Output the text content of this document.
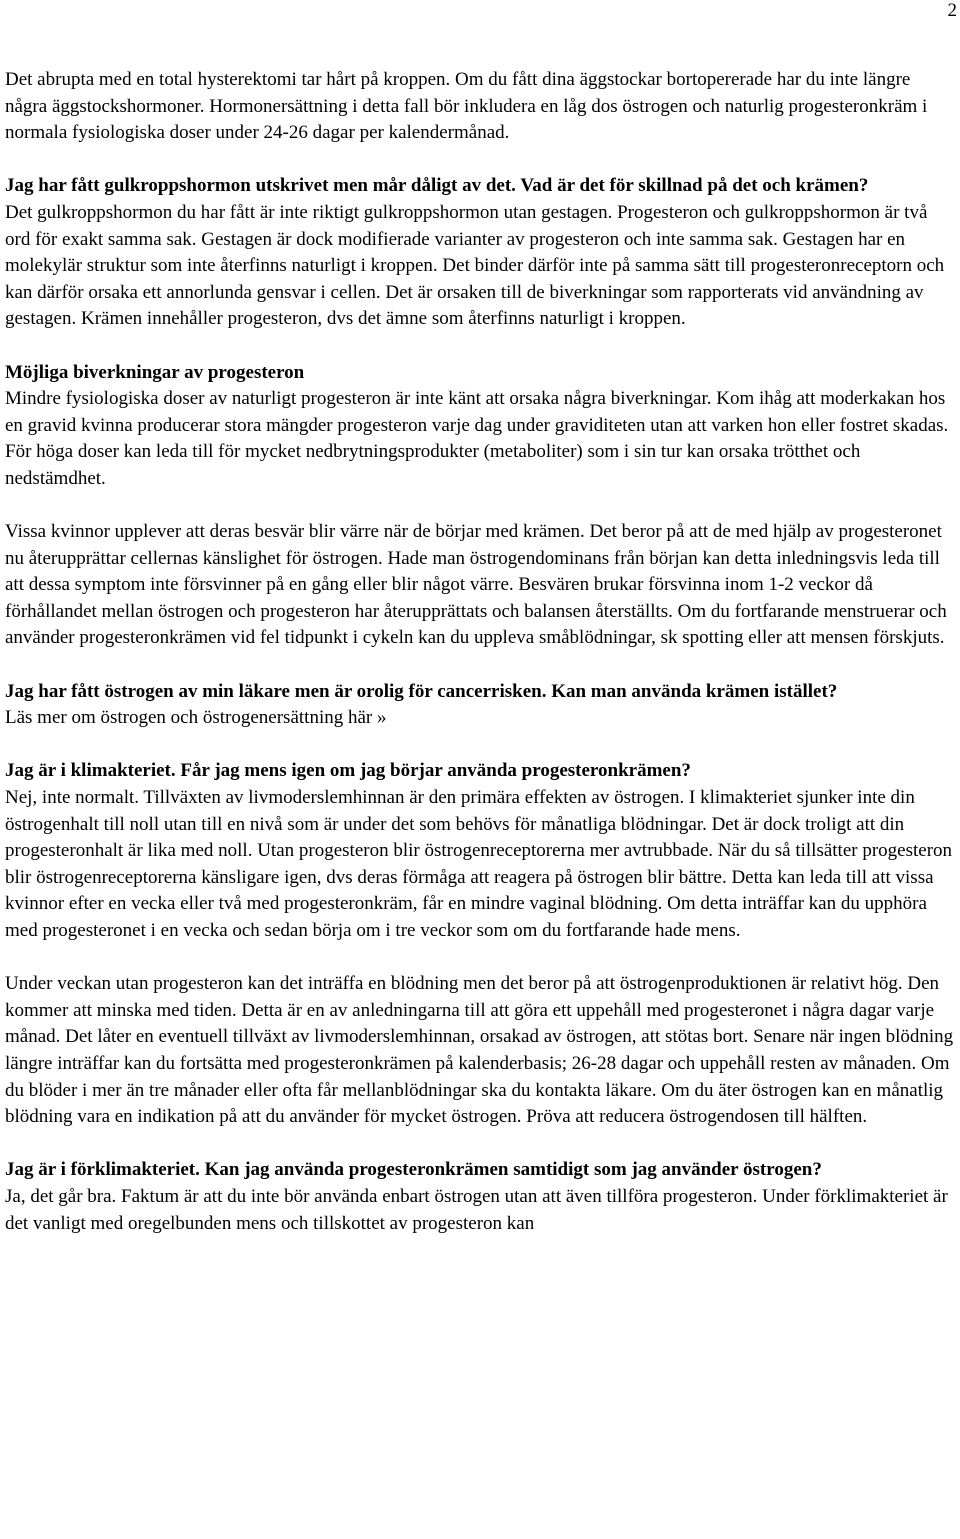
2
Det abrupta med en total hysterektomi tar hårt på kroppen. Om du fått dina äggstockar bortopererade har du inte längre några äggstockshormoner. Hormonersättning i detta fall bör inkludera en låg dos östrogen och naturlig progesteronkräm i normala fysiologiska doser under 24-26 dagar per kalendermånad.
Jag har fått gulkroppshormon utskrivet men mår dåligt av det. Vad är det för skillnad på det och krämen?
Det gulkroppshormon du har fått är inte riktigt gulkroppshormon utan gestagen. Progesteron och gulkroppshormon är två ord för exakt samma sak. Gestagen är dock modifierade varianter av progesteron och inte samma sak. Gestagen har en molekylär struktur som inte återfinns naturligt i kroppen. Det binder därför inte på samma sätt till progesteronreceptorn och kan därför orsaka ett annorlunda gensvar i cellen. Det är orsaken till de biverkningar som rapporterats vid användning av gestagen. Krämen innehåller progesteron, dvs det ämne som återfinns naturligt i kroppen.
Möjliga biverkningar av progesteron
Mindre fysiologiska doser av naturligt progesteron är inte känt att orsaka några biverkningar. Kom ihåg att moderkakan hos en gravid kvinna producerar stora mängder progesteron varje dag under graviditeten utan att varken hon eller fostret skadas. För höga doser kan leda till för mycket nedbrytningsprodukter (metaboliter) som i sin tur kan orsaka trötthet och nedstämdhet.
Vissa kvinnor upplever att deras besvär blir värre när de börjar med krämen. Det beror på att de med hjälp av progesteronet nu återupprättar cellernas känslighet för östrogen. Hade man östrogendominans från början kan detta inledningsvis leda till att dessa symptom inte försvinner på en gång eller blir något värre. Besvären brukar försvinna inom 1-2 veckor då förhållandet mellan östrogen och progesteron har återupprättats och balansen återställts. Om du fortfarande menstruerar och använder progesteronkrämen vid fel tidpunkt i cykeln kan du uppleva småblödningar, sk spotting eller att mensen förskjuts.
Jag har fått östrogen av min läkare men är orolig för cancerrisken. Kan man använda krämen istället?
Läs mer om östrogen och östrogenersättning här »
Jag är i klimakteriet. Får jag mens igen om jag börjar använda progesteronkrämen?
Nej, inte normalt. Tillväxten av livmoderslemhinnan är den primära effekten av östrogen. I klimakteriet sjunker inte din östrogenhalt till noll utan till en nivå som är under det som behövs för månatliga blödningar. Det är dock troligt att din progesteronhalt är lika med noll. Utan progesteron blir östrogenreceptorerna mer avtrubbade. När du så tillsätter progesteron blir östrogenreceptorerna känsligare igen, dvs deras förmåga att reagera på östrogen blir bättre. Detta kan leda till att vissa kvinnor efter en vecka eller två med progesteronkräm, får en mindre vaginal blödning. Om detta inträffar kan du upphöra med progesteronet i en vecka och sedan börja om i tre veckor som om du fortfarande hade mens.
Under veckan utan progesteron kan det inträffa en blödning men det beror på att östrogenproduktionen är relativt hög. Den kommer att minska med tiden. Detta är en av anledningarna till att göra ett uppehåll med progesteronet i några dagar varje månad. Det låter en eventuell tillväxt av livmoderslemhinnan, orsakad av östrogen, att stötas bort. Senare när ingen blödning längre inträffar kan du fortsätta med progesteronkrämen på kalenderbasis; 26-28 dagar och uppehåll resten av månaden. Om du blöder i mer än tre månader eller ofta får mellanblödningar ska du kontakta läkare. Om du äter östrogen kan en månatlig blödning vara en indikation på att du använder för mycket östrogen. Pröva att reducera östrogendosen till hälften.
Jag är i förklimakteriet. Kan jag använda progesteronkrämen samtidigt som jag använder östrogen?
Ja, det går bra. Faktum är att du inte bör använda enbart östrogen utan att även tillföra progesteron. Under förklimakteriet är det vanligt med oregelbunden mens och tillskottet av progesteron kan
